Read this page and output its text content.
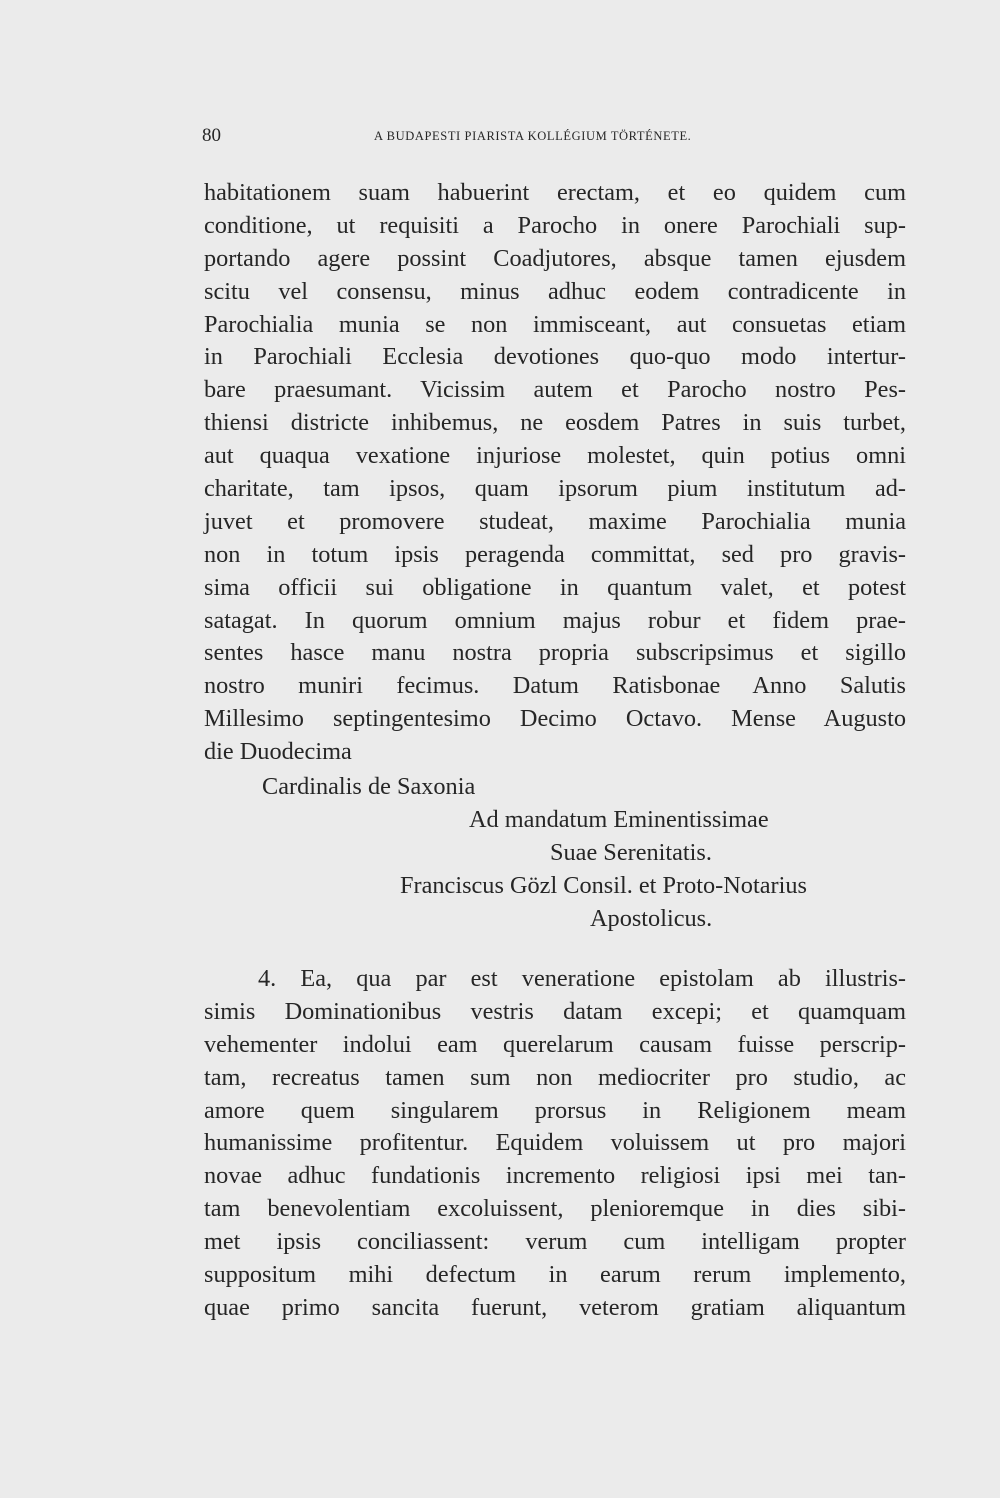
80	A BUDAPESTI PIARISTA KOLLÉGIUM TÖRTÉNETE.
habitationem suam habuerint erectam, et eo quidem cum
conditione, ut requisiti a Parocho in onere Parochiali sup-
portando agere possint Coadjutores, absque tamen ejusdem
scitu vel consensu, minus adhuc eodem contradicente in
Parochialia munia se non immisceant, aut consuetas etiam
in Parochiali Ecclesia devotiones quo-quo modo intertur-
bare praesumant. Vicissim autem et Parocho nostro Pes-
thiensi districte inhibemus, ne eosdem Patres in suis turbet,
aut quaqua vexatione injuriose molestet, quin potius omni
charitate, tam ipsos, quam ipsorum pium institutum ad-
juvet et promovere studeat, maxime Parochialia munia
non in totum ipsis peragenda committat, sed pro gravis-
sima officii sui obligatione in quantum valet, et potest
satagat. In quorum omnium majus robur et fidem prae-
sentes hasce manu nostra propria subscripsimus et sigillo
nostro muniri fecimus. Datum Ratisbonae Anno Salutis
Millesimo septingentesimo Decimo Octavo. Mense Augusto
die Duodecima
Cardinalis de Saxonia
Ad mandatum Eminentissimae
Suae Serenitatis.
Franciscus Gözl Consil. et Proto-Notarius
Apostolicus.
4. Ea, qua par est veneratione epistolam ab illustris-
simis Dominationibus vestris datam excepi; et quamquam
vehementer indolui eam querelarum causam fuisse perscrip-
tam, recreatus tamen sum non mediocriter pro studio, ac
amore quem singularem prorsus in Religionem meam
humanissime profitentur. Equidem voluissem ut pro majori
novae adhuc fundationis incremento religiosi ipsi mei tan-
tam benevolentiam excoluissent, plenioremque in dies sibi-
met ipsis conciliassent: verum cum intelligam propter
suppositum mihi defectum in earum rerum implemento,
quae primo sancita fuerunt, veterom gratiam aliquantum
